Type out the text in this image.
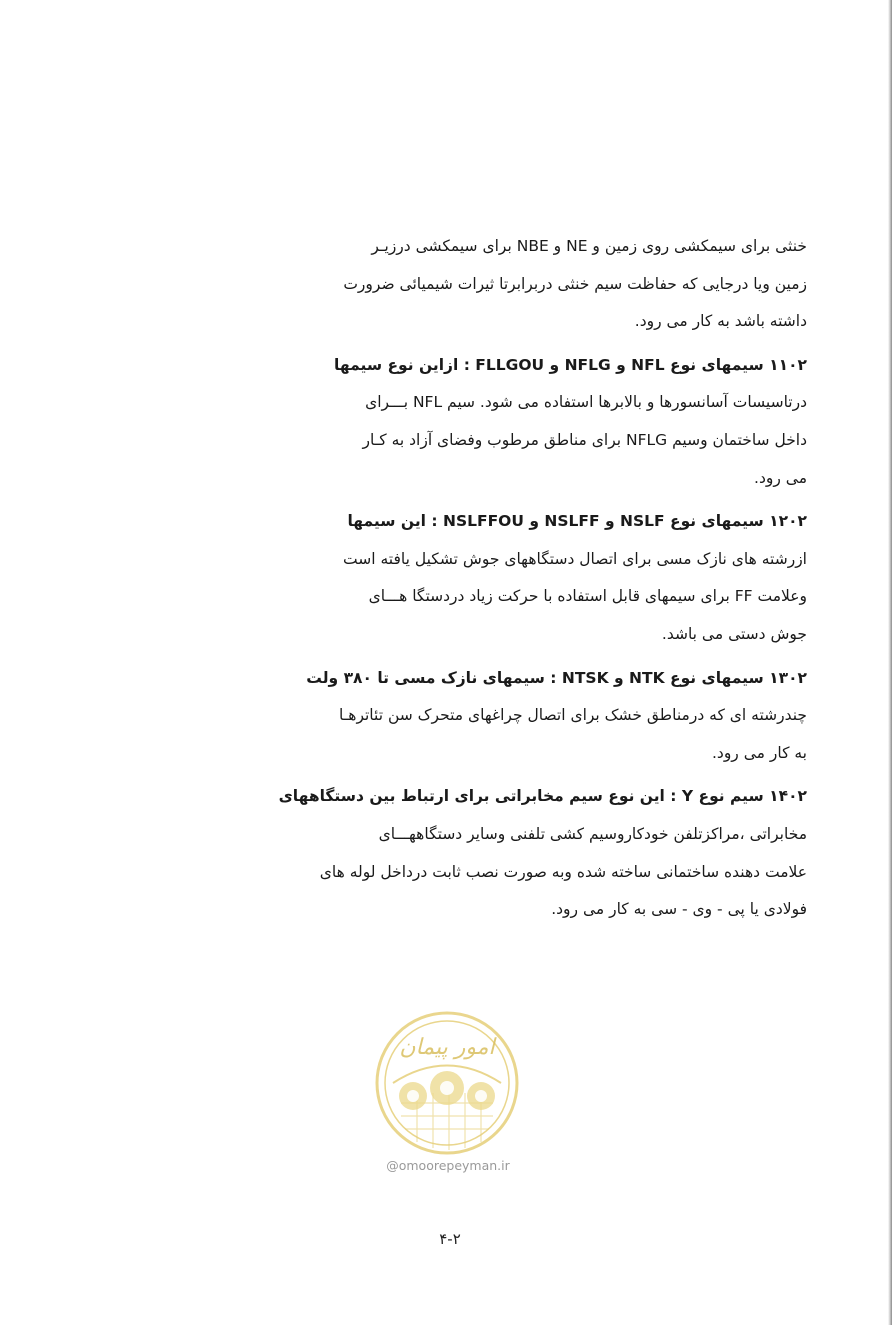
خنثی برای سیمکشی روی زمین و NE و NBE برای سیمکشی درزیـر
زمین ویا درجایی که حفاظت سیم خنثی دربرابرتا ثیرات شیمیائی ضرورت
داشته باشد به کار می رود.
۱۱۰۲ سیمهای نوع NFL و NFLG و FLLGOU : ازاین نوع سیمها
درتاسیسات آسانسورها و بالابرها استفاده می شود. سیم NFL بـــرای
داخل ساختمان وسیم NFLG برای مناطق مرطوب وفضای آزاد به کـار
می رود.
۱۲۰۲ سیمهای نوع NSLF و NSLFF و NSLFFOU : این سیمها
ازرشته های نازک مسی برای اتصال دستگاههای جوش تشکیل یافته است
وعلامت FF برای سیمهای قابل استفاده با حرکت زیاد دردستگا هـــای
جوش دستی می باشد.
۱۳۰۲ سیمهای نوع NTK و NTSK : سیمهای نازک مسی تا ۳۸۰ ولت
چندرشته ای که درمناطق خشک برای اتصال چراغهای متحرک سن تئاترهـا
به کار می رود.
۱۴۰۲ سیم نوع Y : این نوع سیم مخابراتی برای ارتباط بین دستگاههای
مخابراتی ،مراکزتلفن خودکاروسیم کشی تلفنی وسایر دستگاههـــای
علامت دهنده ساختمانی ساخته شده وبه صورت نصب ثابت درداخل لوله های
فولادی یا پی - وی - سی به کار می رود.
امور پیمان
@omoorepeyman.ir
۴-۲
